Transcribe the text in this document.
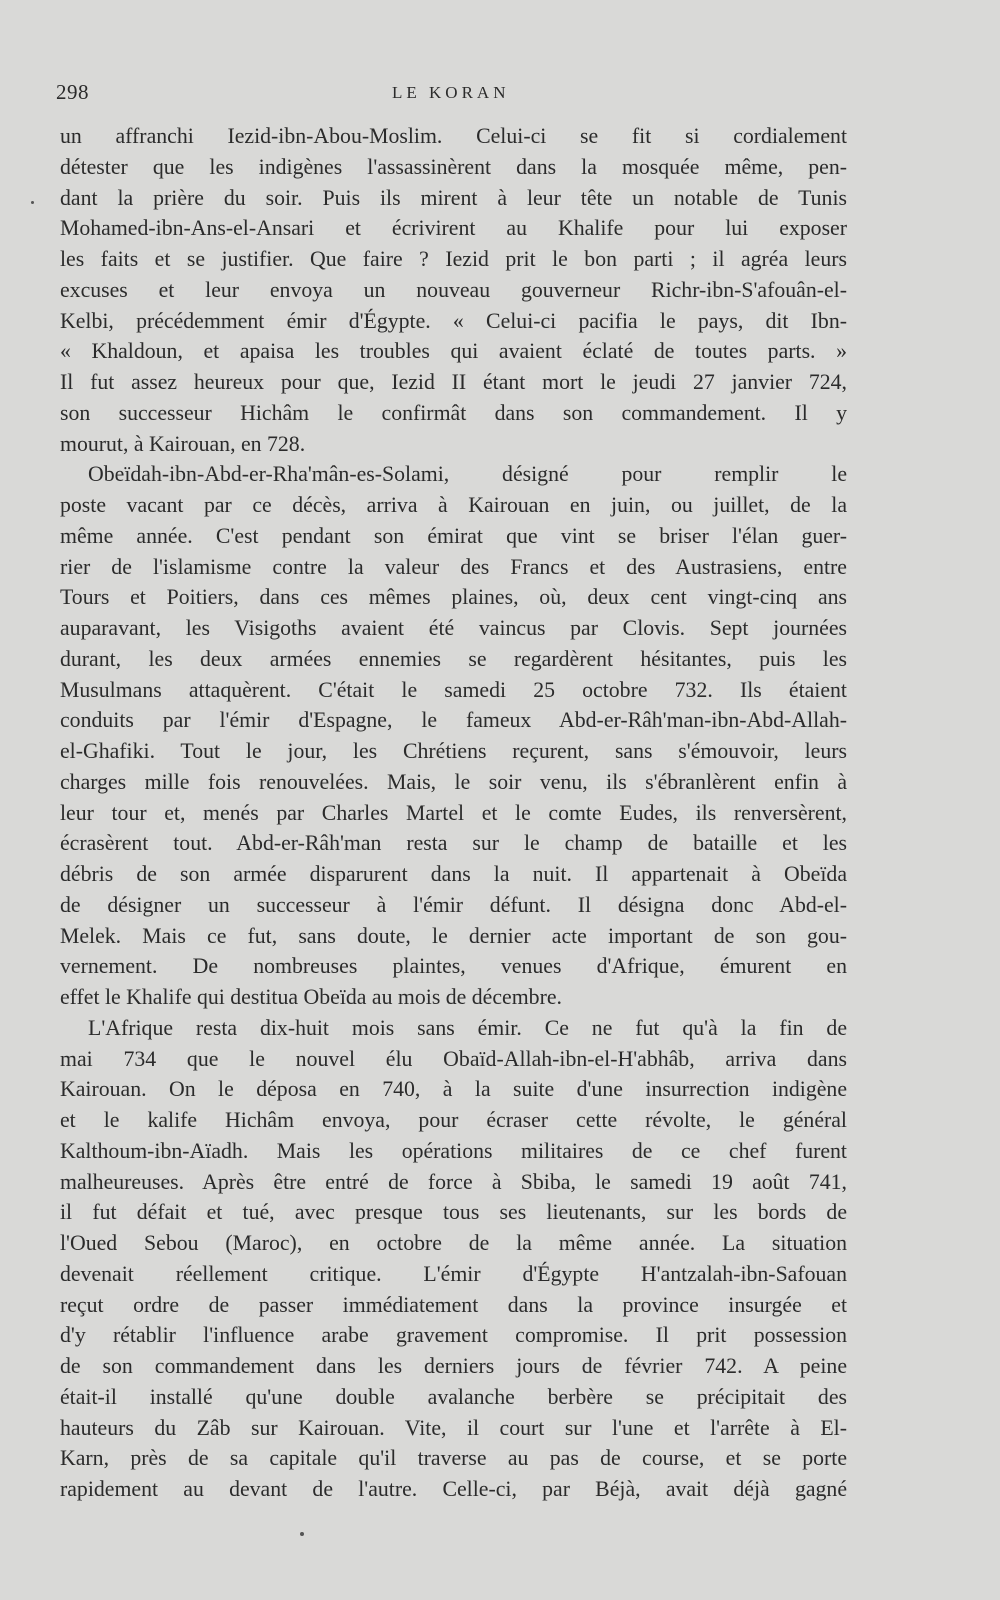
298	LE KORAN
un affranchi Iezid-ibn-Abou-Moslim. Celui-ci se fit si cordialement
détester que les indigènes l'assassinèrent dans la mosquée même, pen-
dant la prière du soir. Puis ils mirent à leur tête un notable de Tunis
Mohamed-ibn-Ans-el-Ansari et écrivirent au Khalife pour lui exposer
les faits et se justifier. Que faire ? Iezid prit le bon parti ; il agréa leurs
excuses et leur envoya un nouveau gouverneur Richr-ibn-S'afouân-el-
Kelbi, précédemment émir d'Égypte. « Celui-ci pacifia le pays, dit Ibn-
« Khaldoun, et apaisa les troubles qui avaient éclaté de toutes parts. »
Il fut assez heureux pour que, Iezid II étant mort le jeudi 27 janvier 724,
son successeur Hichâm le confirmât dans son commandement. Il y
mourut, à Kairouan, en 728.
Obeïdah-ibn-Abd-er-Rha'mân-es-Solami, désigné pour remplir le
poste vacant par ce décès, arriva à Kairouan en juin, ou juillet, de la
même année. C'est pendant son émirat que vint se briser l'élan guer-
rier de l'islamisme contre la valeur des Francs et des Austrasiens, entre
Tours et Poitiers, dans ces mêmes plaines, où, deux cent vingt-cinq ans
auparavant, les Visigoths avaient été vaincus par Clovis. Sept journées
durant, les deux armées ennemies se regardèrent hésitantes, puis les
Musulmans attaquèrent. C'était le samedi 25 octobre 732. Ils étaient
conduits par l'émir d'Espagne, le fameux Abd-er-Râh'man-ibn-Abd-Allah-
el-Ghafiki. Tout le jour, les Chrétiens reçurent, sans s'émouvoir, leurs
charges mille fois renouvelées. Mais, le soir venu, ils s'ébranlèrent enfin à
leur tour et, menés par Charles Martel et le comte Eudes, ils renversèrent,
écrasèrent tout. Abd-er-Râh'man resta sur le champ de bataille et les
débris de son armée disparurent dans la nuit. Il appartenait à Obeïda
de désigner un successeur à l'émir défunt. Il désigna donc Abd-el-
Melek. Mais ce fut, sans doute, le dernier acte important de son gou-
vernement. De nombreuses plaintes, venues d'Afrique, émurent en
effet le Khalife qui destitua Obeïda au mois de décembre.
L'Afrique resta dix-huit mois sans émir. Ce ne fut qu'à la fin de
mai 734 que le nouvel élu Obaïd-Allah-ibn-el-H'abhâb, arriva dans
Kairouan. On le déposa en 740, à la suite d'une insurrection indigène
et le kalife Hichâm envoya, pour écraser cette révolte, le général
Kalthoum-ibn-Aïadh. Mais les opérations militaires de ce chef furent
malheureuses. Après être entré de force à Sbiba, le samedi 19 août 741,
il fut défait et tué, avec presque tous ses lieutenants, sur les bords de
l'Oued Sebou (Maroc), en octobre de la même année. La situation
devenait réellement critique. L'émir d'Égypte H'antzalah-ibn-Safouan
reçut ordre de passer immédiatement dans la province insurgée et
d'y rétablir l'influence arabe gravement compromise. Il prit possession
de son commandement dans les derniers jours de février 742. A peine
était-il installé qu'une double avalanche berbère se précipitait des
hauteurs du Zâb sur Kairouan. Vite, il court sur l'une et l'arrête à El-
Karn, près de sa capitale qu'il traverse au pas de course, et se porte
rapidement au devant de l'autre. Celle-ci, par Béjà, avait déjà gagné
